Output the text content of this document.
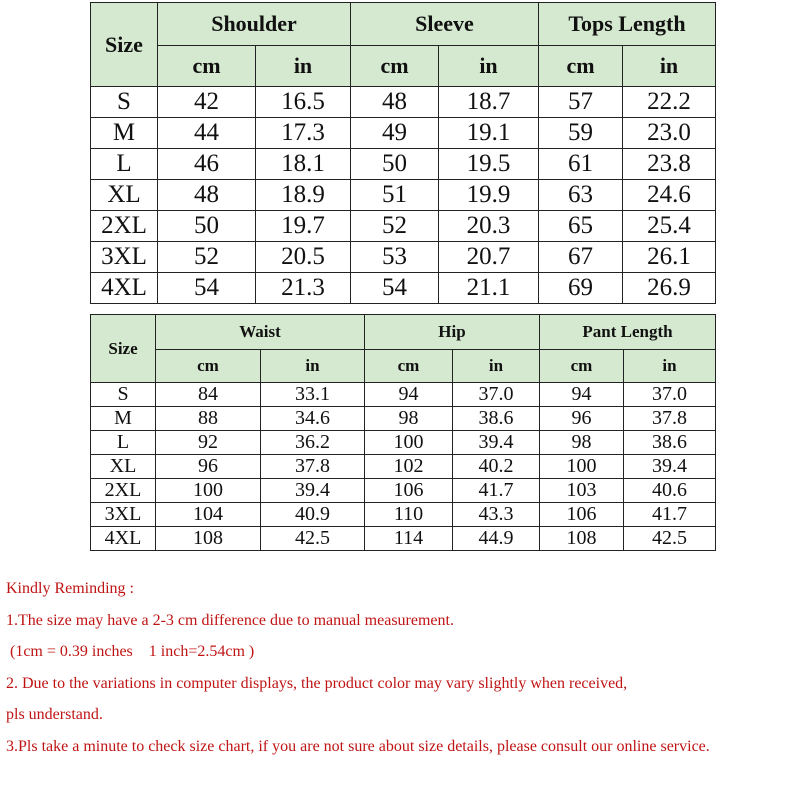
Size	Shoulder		Sleeve		Tops Length	
	cm	in	cm	in	cm	in
S	42	16.5	48	18.7	57	22.2
M	44	17.3	49	19.1	59	23.0
L	46	18.1	50	19.5	61	23.8
XL	48	18.9	51	19.9	63	24.6
2XL	50	19.7	52	20.3	65	25.4
3XL	52	20.5	53	20.7	67	26.1
4XL	54	21.3	54	21.1	69	26.9
Size	Waist		Hip		Pant Length	
	cm	in	cm	in	cm	in
S	84	33.1	94	37.0	94	37.0
M	88	34.6	98	38.6	96	37.8
L	92	36.2	100	39.4	98	38.6
XL	96	37.8	102	40.2	100	39.4
2XL	100	39.4	106	41.7	103	40.6
3XL	104	40.9	110	43.3	106	41.7
4XL	108	42.5	114	44.9	108	42.5
Kindly Reminding :
1.The size may have a 2-3 cm difference due to manual measurement.
(1cm = 0.39 inches    1 inch=2.54cm )
2. Due to the variations in computer displays, the product color may vary slightly when received,
pls understand.
3.Pls take a minute to check size chart, if you are not sure about size details, please consult our online service.
